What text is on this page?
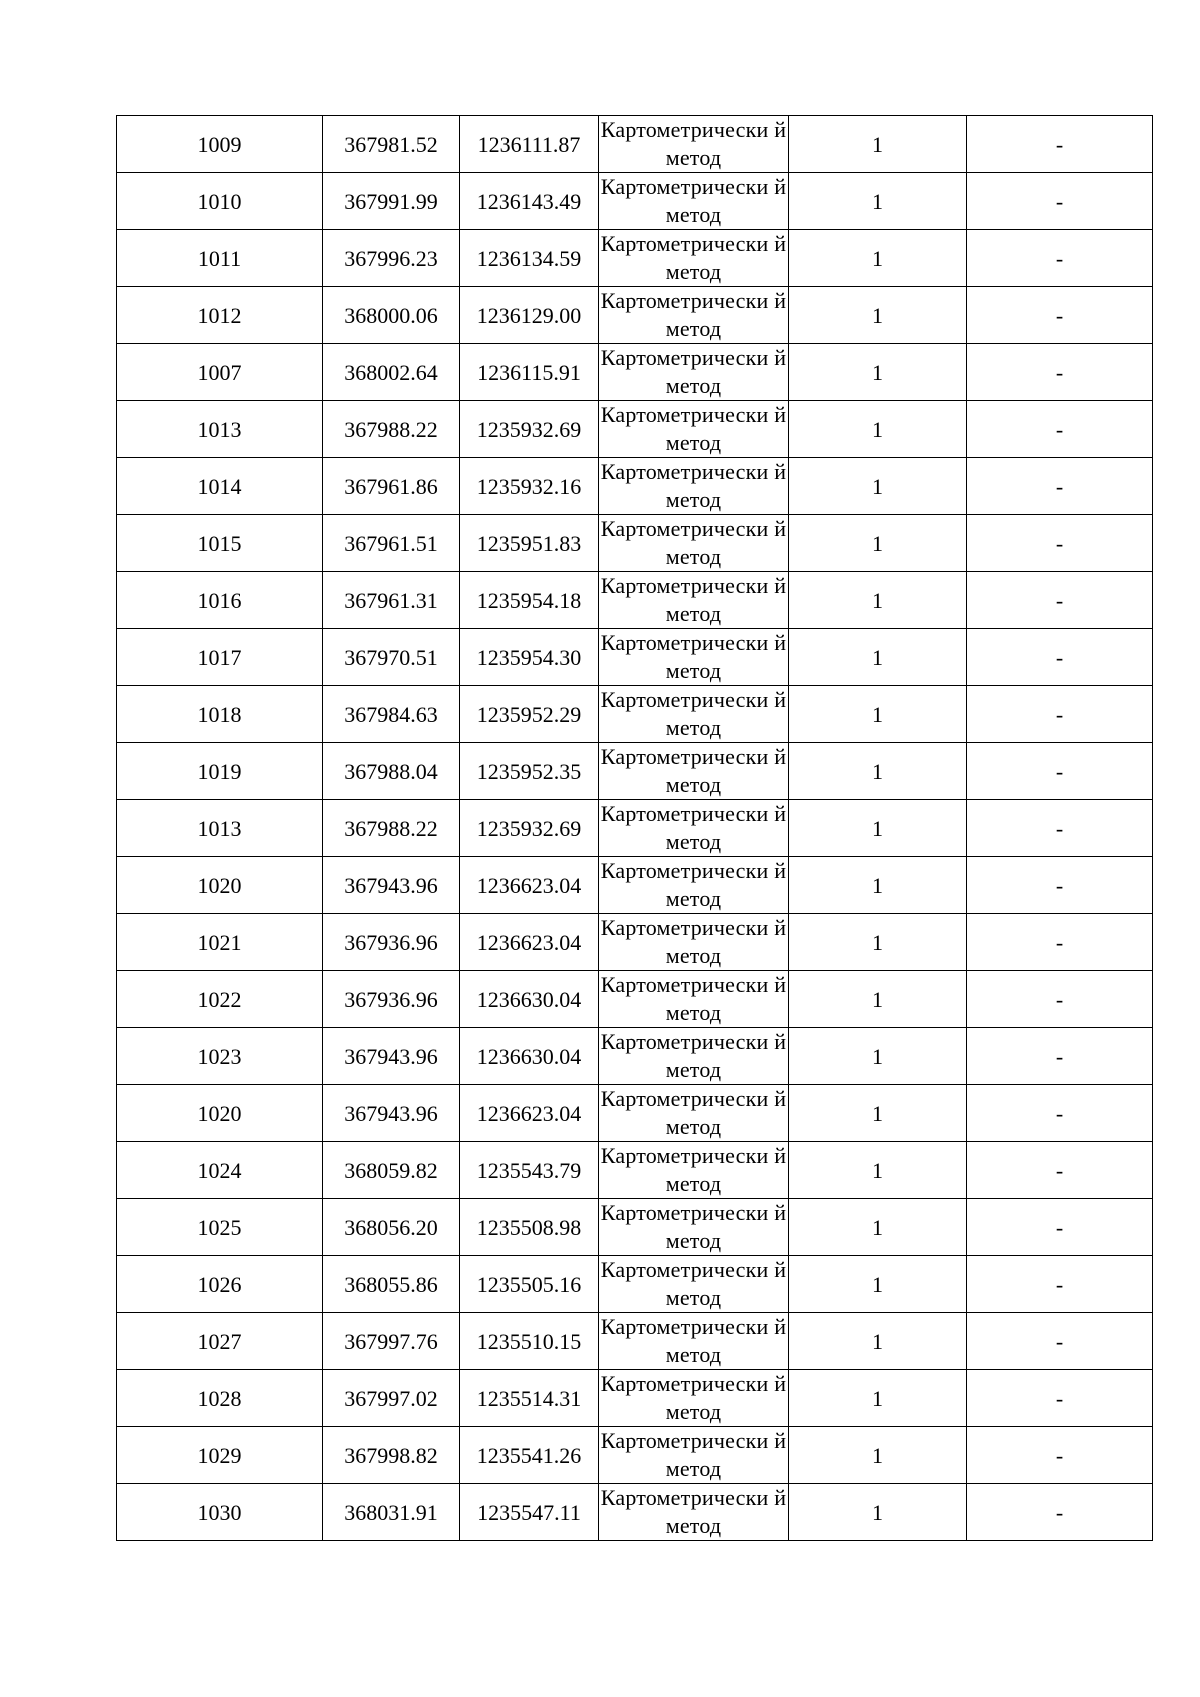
1009	367981.52	1236111.87	Картометрически й метод	1	-
1010	367991.99	1236143.49	Картометрически й метод	1	-
1011	367996.23	1236134.59	Картометрически й метод	1	-
1012	368000.06	1236129.00	Картометрически й метод	1	-
1007	368002.64	1236115.91	Картометрически й метод	1	-
1013	367988.22	1235932.69	Картометрически й метод	1	-
1014	367961.86	1235932.16	Картометрически й метод	1	-
1015	367961.51	1235951.83	Картометрически й метод	1	-
1016	367961.31	1235954.18	Картометрически й метод	1	-
1017	367970.51	1235954.30	Картометрически й метод	1	-
1018	367984.63	1235952.29	Картометрически й метод	1	-
1019	367988.04	1235952.35	Картометрически й метод	1	-
1013	367988.22	1235932.69	Картометрически й метод	1	-
1020	367943.96	1236623.04	Картометрически й метод	1	-
1021	367936.96	1236623.04	Картометрически й метод	1	-
1022	367936.96	1236630.04	Картометрически й метод	1	-
1023	367943.96	1236630.04	Картометрически й метод	1	-
1020	367943.96	1236623.04	Картометрически й метод	1	-
1024	368059.82	1235543.79	Картометрически й метод	1	-
1025	368056.20	1235508.98	Картометрически й метод	1	-
1026	368055.86	1235505.16	Картометрически й метод	1	-
1027	367997.76	1235510.15	Картометрически й метод	1	-
1028	367997.02	1235514.31	Картометрически й метод	1	-
1029	367998.82	1235541.26	Картометрически й метод	1	-
1030	368031.91	1235547.11	Картометрически й метод	1	-
